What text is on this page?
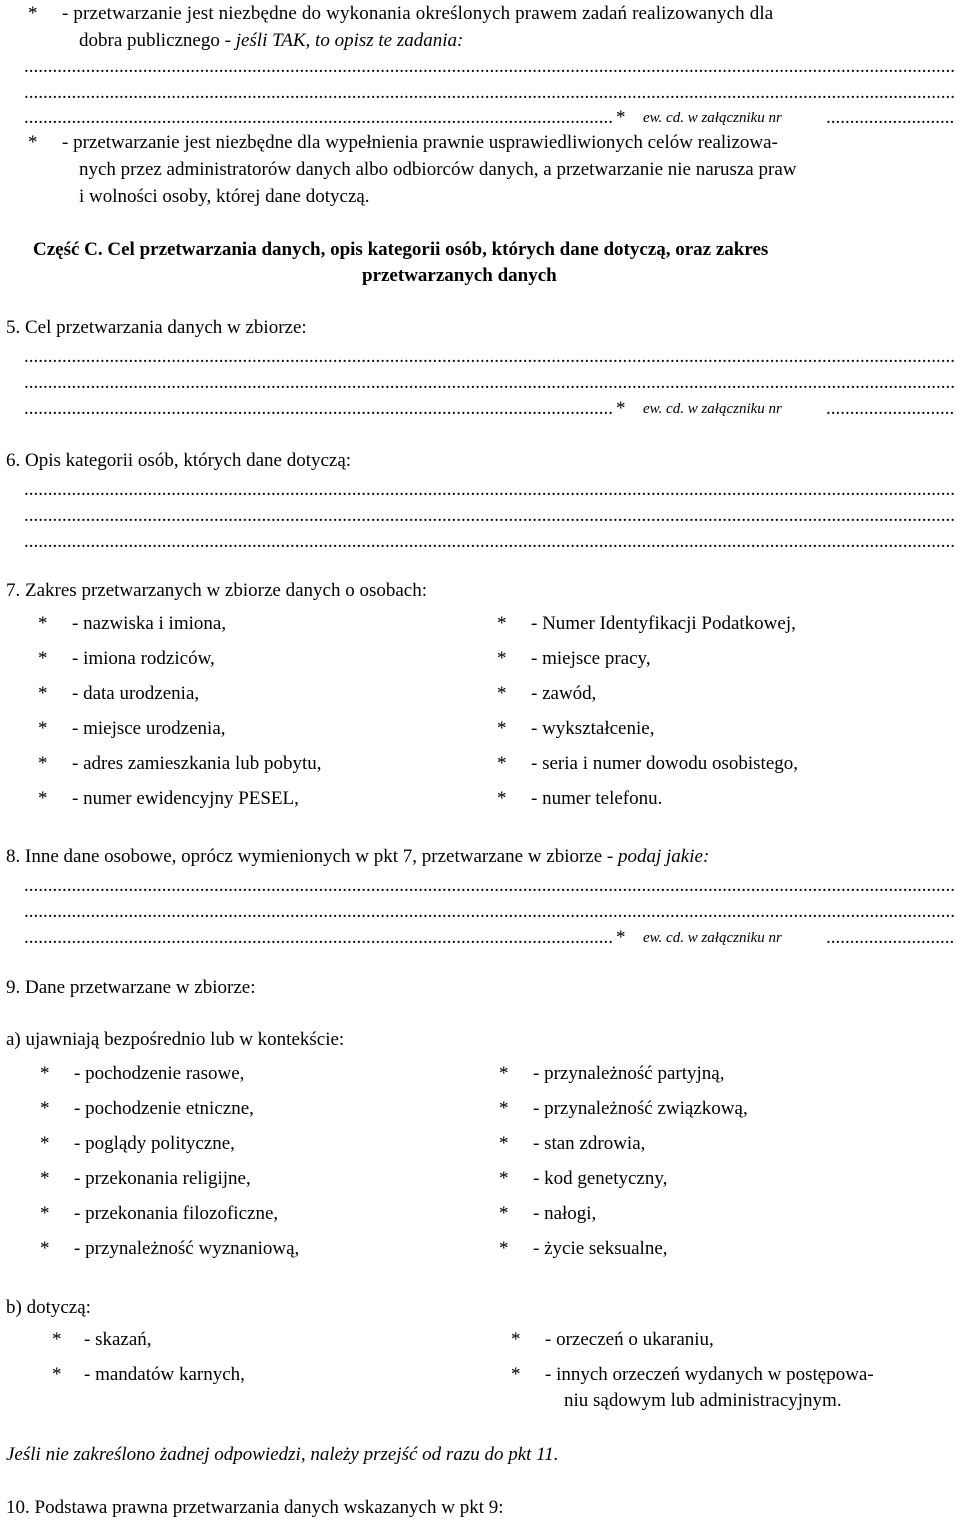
* - przetwarzanie jest niezbędne do wykonania określonych prawem zadań realizowanych dla
dobra publicznego - jeśli TAK, to opisz te zadania:
.....
.....
.....
* ew. cd. w załączniku nr
.....
* - przetwarzanie jest niezbędne dla wypełnienia prawnie usprawiedliwionych celów realizowa-
nych przez administratorów danych albo odbiorców danych, a przetwarzanie nie narusza praw
i wolności osoby, której dane dotyczą.
Część C. Cel przetwarzania danych, opis kategorii osób, których dane dotyczą, oraz zakres
przetwarzanych danych
5. Cel przetwarzania danych w zbiorze:
.....
.....
.....
* ew. cd. w załączniku nr
.....
6. Opis kategorii osób, których dane dotyczą:
.....
.....
.....
7. Zakres przetwarzanych w zbiorze danych o osobach:
* - nazwiska i imiona,	* - Numer Identyfikacji Podatkowej,
* - imiona rodziców,	* - miejsce pracy,
* - data urodzenia,	* - zawód,
* - miejsce urodzenia,	* - wykształcenie,
* - adres zamieszkania lub pobytu,	* - seria i numer dowodu osobistego,
* - numer ewidencyjny PESEL,	* - numer telefonu.
8. Inne dane osobowe, oprócz wymienionych w pkt 7, przetwarzane w zbiorze - podaj jakie:
.....
.....
.....
* ew. cd. w załączniku nr
.....
9. Dane przetwarzane w zbiorze:
a) ujawniają bezpośrednio lub w kontekście:
* - pochodzenie rasowe,	* - przynależność partyjną,
* - pochodzenie etniczne,	* - przynależność związkową,
* - poglądy polityczne,	* - stan zdrowia,
* - przekonania religijne,	* - kod genetyczny,
* - przekonania filozoficzne,	* - nałogi,
* - przynależność wyznaniową,	* - życie seksualne,
b) dotyczą:
* - skazań,	* - orzeczeń o ukaraniu,
* - mandatów karnych,	* - innych orzeczeń wydanych w postępowa-
niu sądowym lub administracyjnym.
Jeśli nie zakreślono żadnej odpowiedzi, należy przejść od razu do pkt 11.
10. Podstawa prawna przetwarzania danych wskazanych w pkt 9:
